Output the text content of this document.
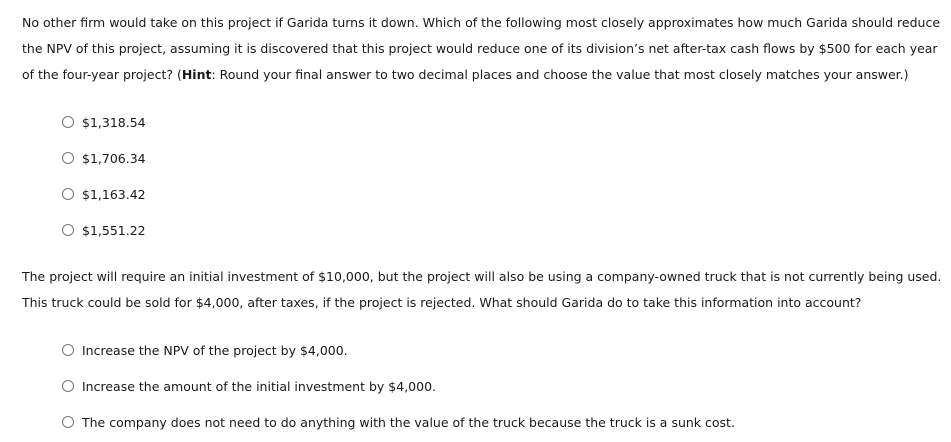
No other firm would take on this project if Garida turns it down. Which of the following most closely approximates how much Garida should reduce the NPV of this project, assuming it is discovered that this project would reduce one of its division’s net after-tax cash flows by $500 for each year of the four-year project? (Hint: Round your final answer to two decimal places and choose the value that most closely matches your answer.)

$1,318.54
$1,706.34
$1,163.42
$1,551.22

The project will require an initial investment of $10,000, but the project will also be using a company-owned truck that is not currently being used. This truck could be sold for $4,000, after taxes, if the project is rejected. What should Garida do to take this information into account?

Increase the NPV of the project by $4,000.
Increase the amount of the initial investment by $4,000.
The company does not need to do anything with the value of the truck because the truck is a sunk cost.
